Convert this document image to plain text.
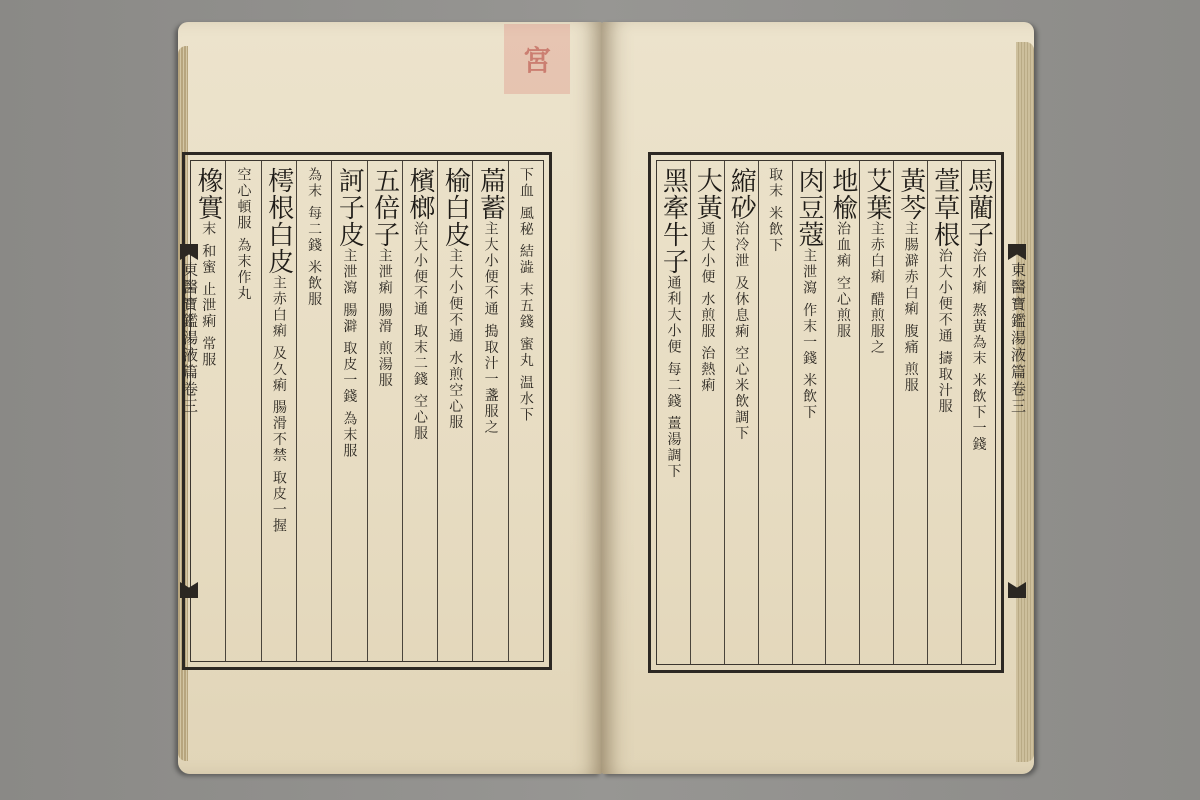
宮
下血 風秘 結澁 末五錢 蜜丸 温水下
萹蓄
主大小便不通 搗取汁一盞服之
榆白皮
主大小便不通 水煎空心服
檳榔
治大小便不通 取末二錢 空心服
五倍子
主泄痢 腸滑 煎湯服
訶子皮
主泄瀉 腸澼 取皮一錢 為末服
為末 每二錢 米飲服
樗根白皮
主赤白痢 及久痢 腸滑不禁 取皮一握
空心頓服 為末作丸
橡實
末 和蜜 止泄痢 常服
東醫寶鑑湯液篇卷三
馬藺子
治水痢 熬黃為末 米飲下一錢
萱草根
治大小便不通 擣取汁服
黃芩
主腸澼赤白痢 腹痛 煎服
艾葉
主赤白痢 醋煎服之
地楡
治血痢 空心煎服
肉豆蔻
主泄瀉 作末一錢 米飲下
取末 米飲下
縮砂
治冷泄 及休息痢 空心米飲調下
大黃
通大小便 水煎服 治熱痢
黑牽牛子
通利大小便 每二錢 薑湯調下	東醫寶鑑湯液篇卷三
